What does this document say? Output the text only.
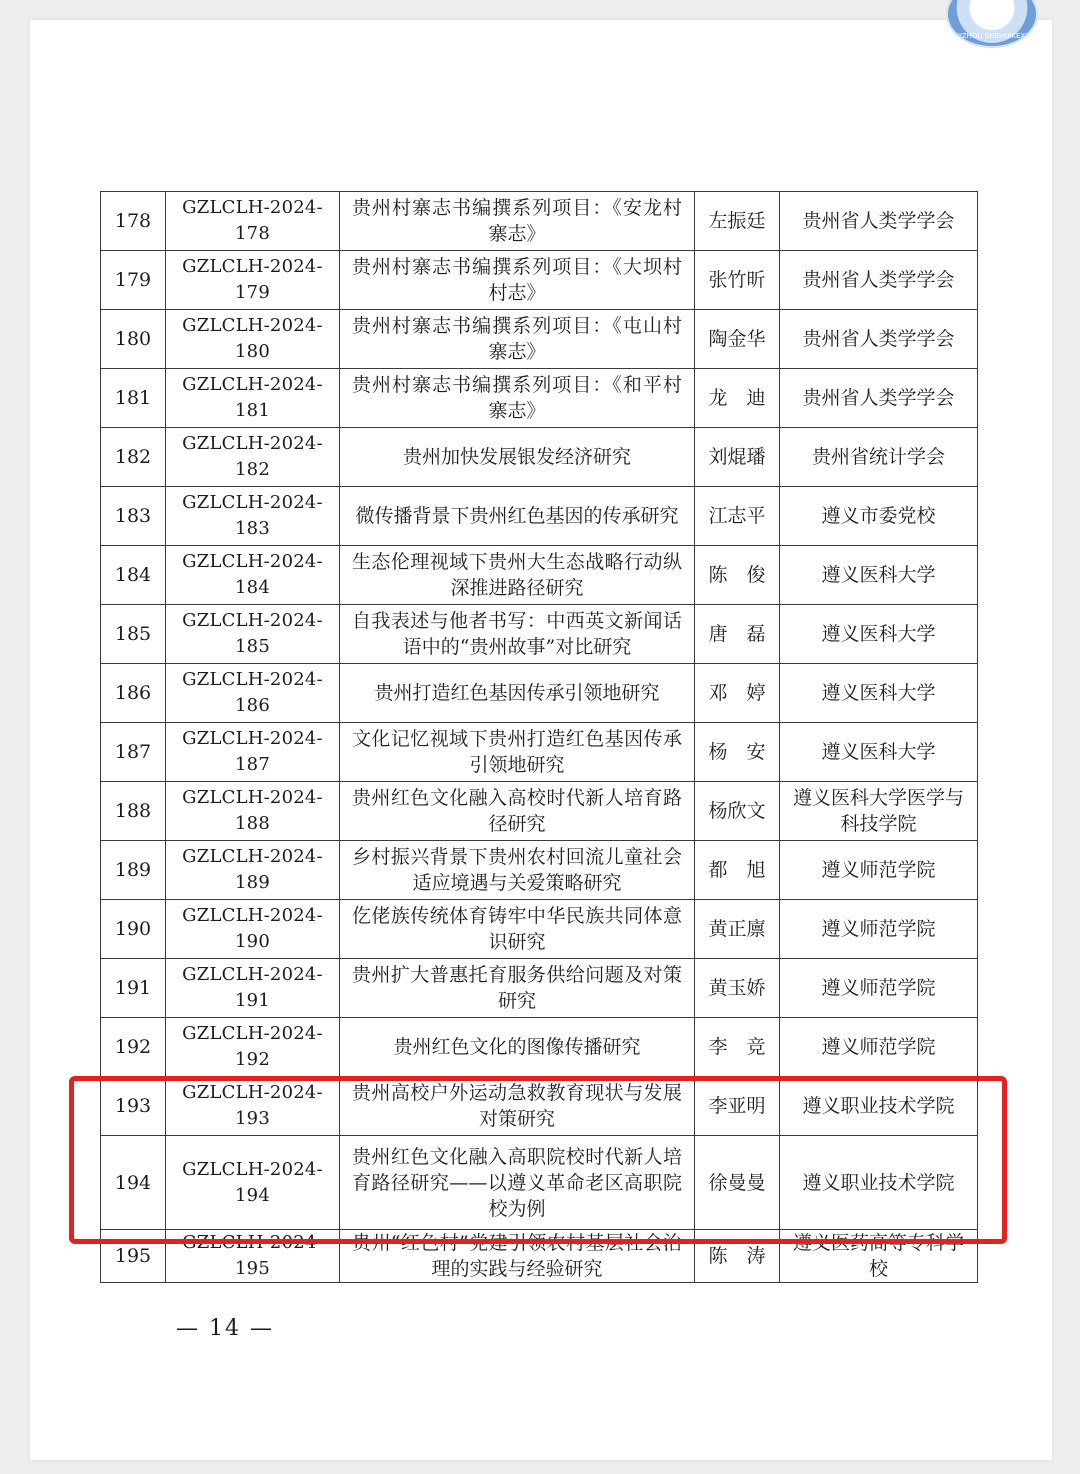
GUIZHOU SHEHUIKEXUE
178	GZLCLH-2024-178	贵州村寨志书编撰系列项目：《安龙村寨志》	左振廷	贵州省人类学学会
179	GZLCLH-2024-179	贵州村寨志书编撰系列项目：《大坝村村志》	张竹昕	贵州省人类学学会
180	GZLCLH-2024-180	贵州村寨志书编撰系列项目：《屯山村寨志》	陶金华	贵州省人类学学会
181	GZLCLH-2024-181	贵州村寨志书编撰系列项目：《和平村寨志》	龙　迪	贵州省人类学学会
182	GZLCLH-2024-182	贵州加快发展银发经济研究	刘焜璠	贵州省统计学会
183	GZLCLH-2024-183	微传播背景下贵州红色基因的传承研究	江志平	遵义市委党校
184	GZLCLH-2024-184	生态伦理视域下贵州大生态战略行动纵深推进路径研究	陈　俊	遵义医科大学
185	GZLCLH-2024-185	自我表述与他者书写：中西英文新闻话语中的“贵州故事”对比研究	唐　磊	遵义医科大学
186	GZLCLH-2024-186	贵州打造红色基因传承引领地研究	邓　婷	遵义医科大学
187	GZLCLH-2024-187	文化记忆视域下贵州打造红色基因传承引领地研究	杨　安	遵义医科大学
188	GZLCLH-2024-188	贵州红色文化融入高校时代新人培育路径研究	杨欣文	遵义医科大学医学与科技学院
189	GZLCLH-2024-189	乡村振兴背景下贵州农村回流儿童社会适应境遇与关爱策略研究	都　旭	遵义师范学院
190	GZLCLH-2024-190	仡佬族传统体育铸牢中华民族共同体意识研究	黄正廪	遵义师范学院
191	GZLCLH-2024-191	贵州扩大普惠托育服务供给问题及对策研究	黄玉娇	遵义师范学院
192	GZLCLH-2024-192	贵州红色文化的图像传播研究	李　竞	遵义师范学院
193	GZLCLH-2024-193	贵州高校户外运动急救教育现状与发展对策研究	李亚明	遵义职业技术学院
194	GZLCLH-2024-194	贵州红色文化融入高职院校时代新人培育路径研究——以遵义革命老区高职院校为例	徐曼曼	遵义职业技术学院
195	GZLCLH-2024-195	贵州“红色村”党建引领农村基层社会治理的实践与经验研究	陈　涛	遵义医药高等专科学校
— 14 —
